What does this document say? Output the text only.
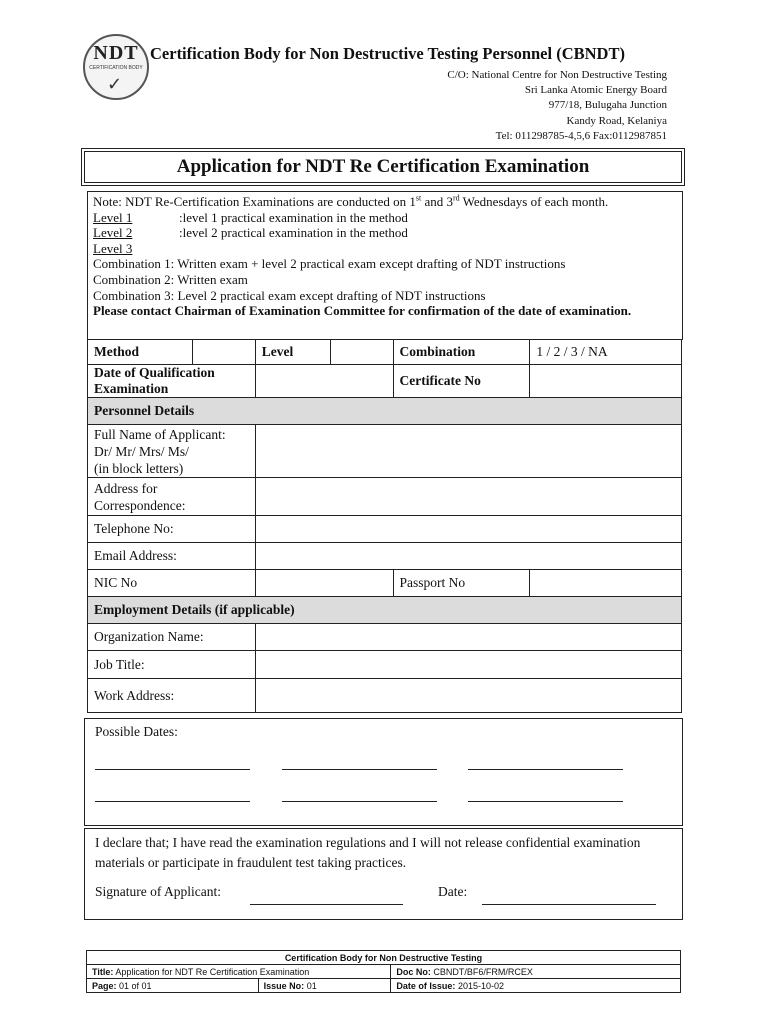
NDT
CERTIFICATION BODY
✓
Certification Body for Non Destructive Testing Personnel (CBNDT)
C/O: National Centre for Non Destructive Testing
Sri Lanka Atomic Energy Board
977/18, Bulugaha Junction
Kandy Road, Kelaniya
Tel: 011298785-4,5,6 Fax:0112987851
Application for NDT Re Certification Examination
Note: NDT Re-Certification Examinations are conducted on 1st and 3rd Wednesdays of each month.
Level 1	:level 1 practical examination in the method
Level 2	:level 2 practical examination in the method
Level 3
Combination 1: Written exam + level 2 practical exam except drafting of NDT instructions
Combination 2: Written exam
Combination 3: Level 2 practical exam except drafting of NDT instructions
Please contact Chairman of Examination Committee for confirmation of the date of examination.
Method		Level		Combination	1 / 2 / 3 / NA
Date of Qualification Examination				Certificate No	
Personnel Details					

Full Name of Applicant:
Dr/ Mr/ Mrs/ Ms/
(in block letters)					

Address for Correspondence:					
Telephone No:					
Email Address:					
NIC No				Passport No	
Employment Details (if applicable)					
Organization Name:					
Job Title:					
Work Address:					
Possible Dates:
I declare that; I have read the examination regulations and I will not release confidential examination materials or participate in fraudulent test taking practices.
Signature of Applicant:	Date:
Certification Body for Non Destructive Testing		
Title: Application for NDT Re Certification Examination		Doc No: CBNDT/BF6/FRM/RCEX
Page: 01 of 01	Issue No: 01	Date of Issue: 2015-10-02
